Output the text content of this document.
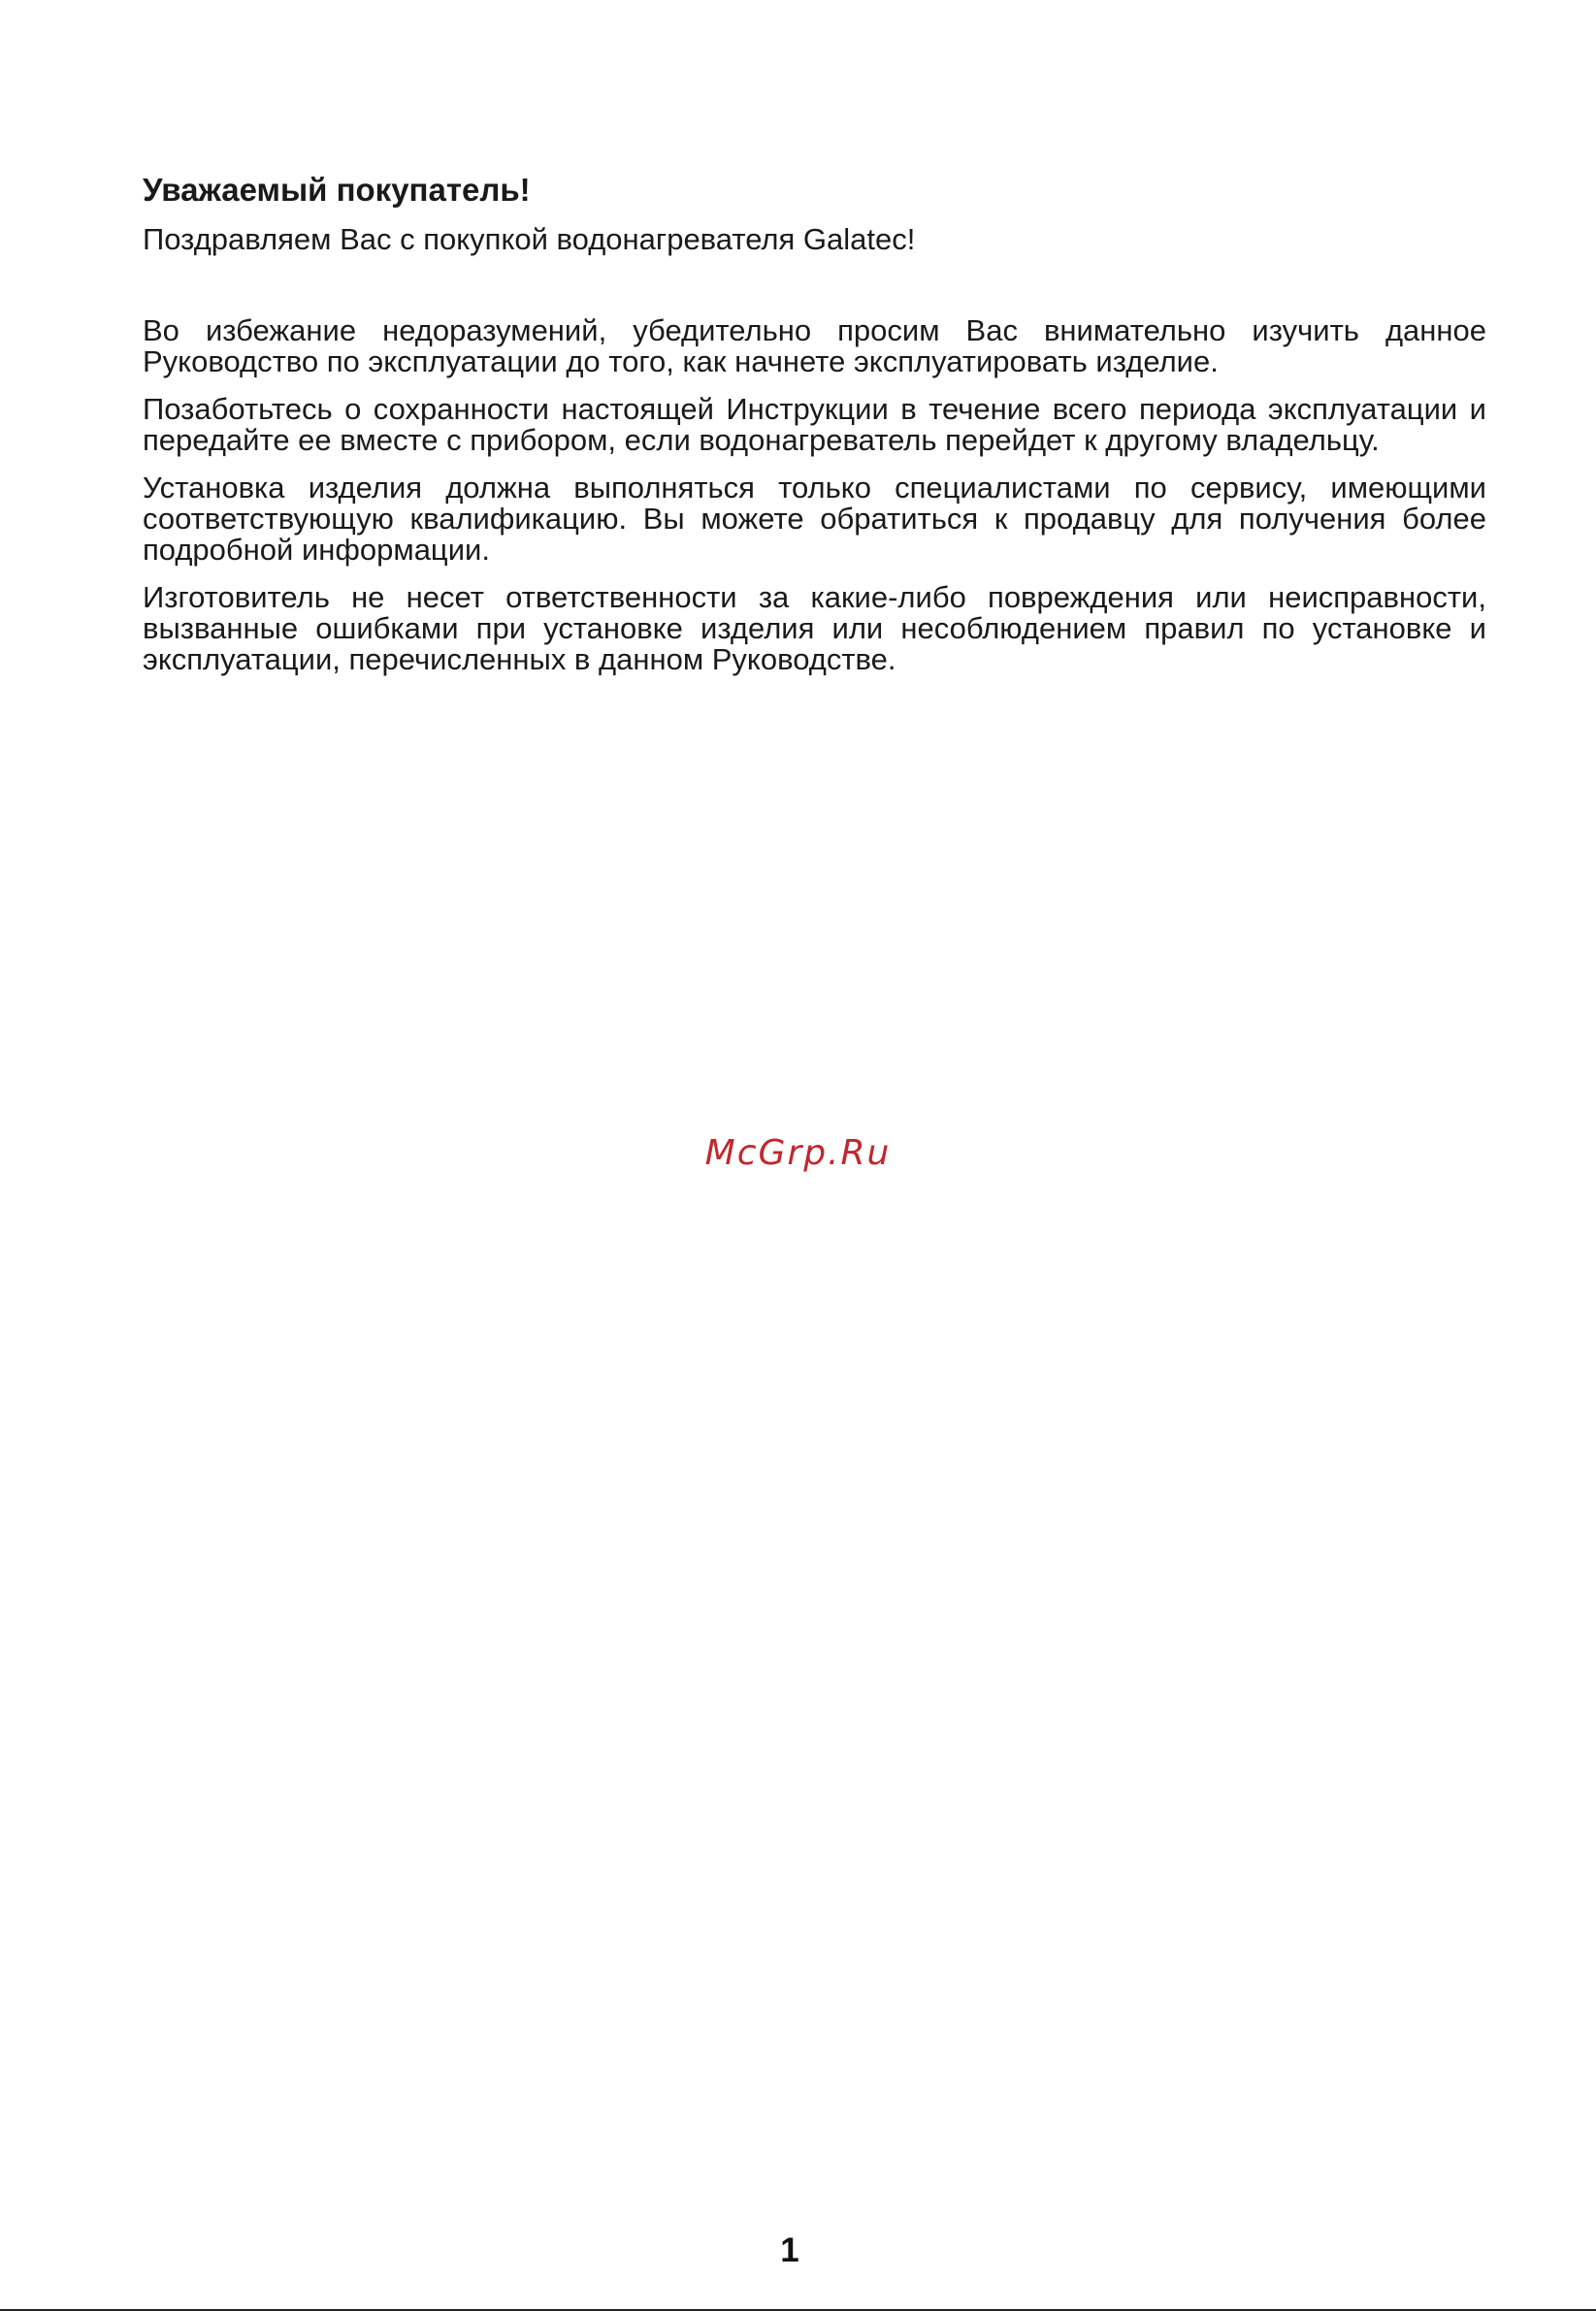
Уважаемый покупатель!

Поздравляем Вас с покупкой водонагревателя Galatec!

Во избежание недоразумений, убедительно просим Вас внимательно изучить данное Руководство по эксплуатации до того, как начнете эксплуатировать изделие.

Позаботьтесь о сохранности настоящей Инструкции в течение всего периода эксплуатации и передайте ее вместе с прибором, если водонагреватель перейдет к другому владельцу.

Установка изделия должна выполняться только специалистами по сервису, имеющими соответствующую квалификацию. Вы можете обратиться к продавцу для получения более подробной информации.

Изготовитель не несет ответственности за какие-либо повреждения или неисправности, вызванные ошибками при установке изделия или несоблюдением правил по установке и эксплуатации, перечисленных в данном Руководстве.

McGrp.Ru
1
